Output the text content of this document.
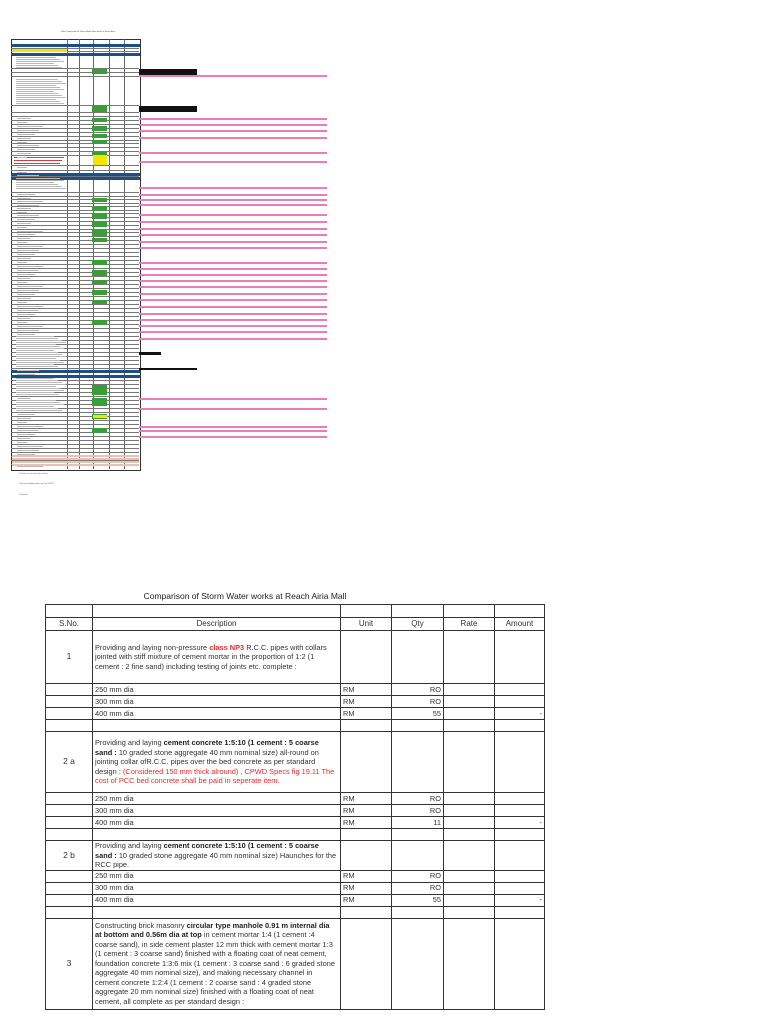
Rate Comparison for Storm Water drain works at Reach Airia
a) Rates are for the items shown
Civil and plumbing rates are for 2016-17
Prepared
Comparison of Storm Water works at Reach Airia Mall

S.No.	Description	Unit	Qty	Rate	Amount
1	Providing and laying non-pressure class NP3 R.C.C. pipes with collars jointed with stiff mixture of cement mortar in the proportion of 1:2 (1 cement : 2 fine sand) including testing of joints etc. complete :				
	250 mm dia	RM	RO		
	300 mm dia	RM	RO		
	400 mm dia	RM	55		-

2 a	Providing and laying cement concrete 1:5:10 (1 cement : 5 coarse sand : 10 graded stone aggregate 40 mm nominal size) all-round on jointing collar ofR.C.C. pipes over the bed concrete as per standard design : (Considered 150 mm thick alround) , CPWD Specs fig 19.11 The cost of PCC bed concrete shall be paid in seperate item.				
	250 mm dia	RM	RO		
	300 mm dia	RM	RO		
	400 mm dia	RM	11		-

2 b	Providing and laying cement concrete 1:5:10 (1 cement : 5 coarse sand : 10 graded stone aggregate 40 mm nominal size) Haunches for the RCC pipe.				
	250 mm dia	RM	RO		
	300 mm dia	RM	RO		
	400 mm dia	RM	55		-

3	Constructing brick masonry circular type manhole 0.91 m internal dia at bottom and 0.56m dia at top in cement mortar 1:4 (1 cement :4 coarse sand), in side cement plaster 12 mm thick with cement mortar 1:3 (1 cement : 3 coarse sand) finished with a floating coat of neat cement, foundation concrete 1:3:6 mix (1 cement : 3 coarse sand : 6 graded stone aggregate 40 mm nominal size), and making necessary channel in cement concrete 1:2:4 (1 cement : 2 coarse sand : 4 graded stone aggregate 20 mm nominal size) finished with a floating coat of neat cement, all complete as per standard design :				
